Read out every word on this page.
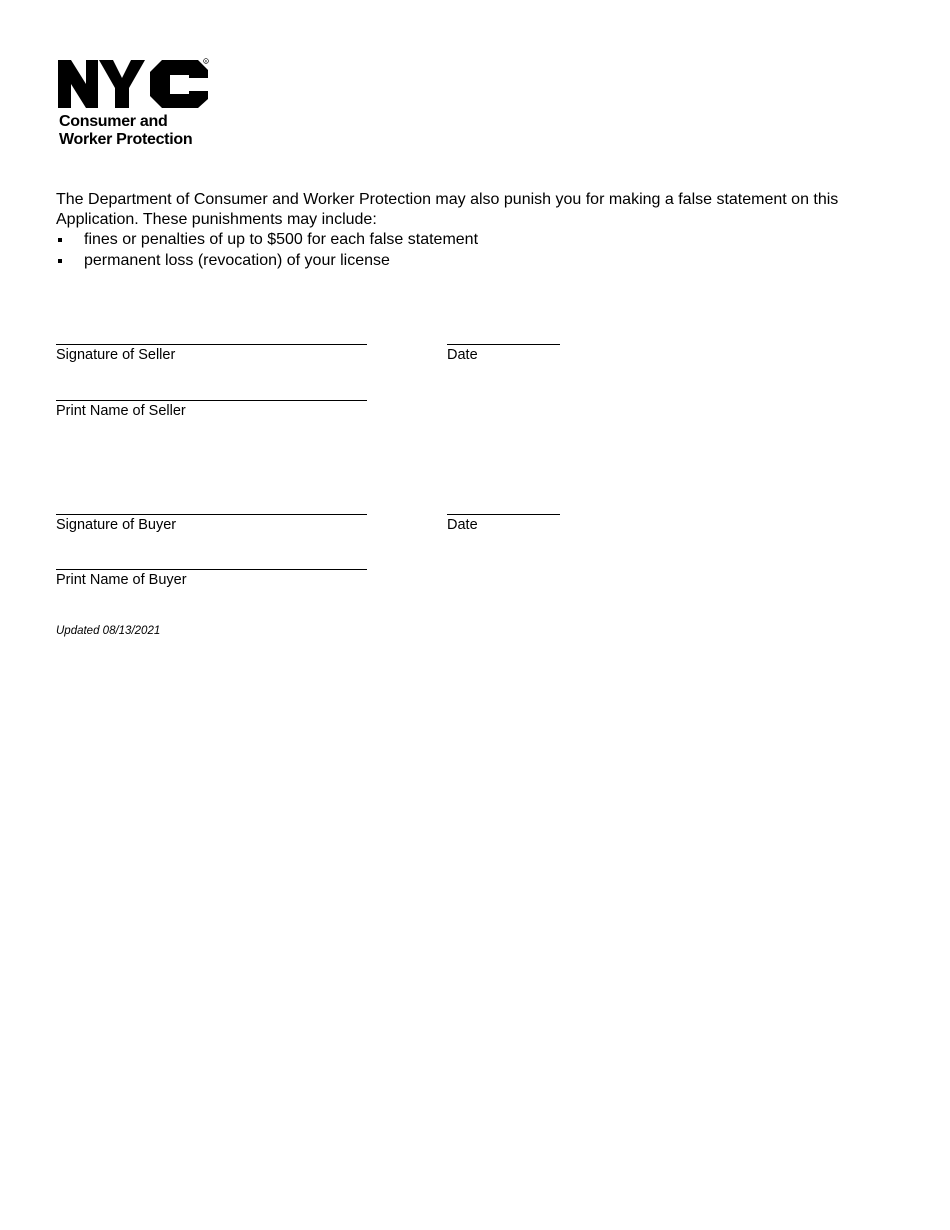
R
Consumer and
Worker Protection

The Department of Consumer and Worker Protection may also punish you for making a false statement on this Application. These punishments may include:

fines or penalties of up to $500 for each false statement
permanent loss (revocation) of your license
Signature of Seller	Date
Print Name of Seller
Signature of Buyer	Date
Print Name of Buyer
Updated 08/13/2021
